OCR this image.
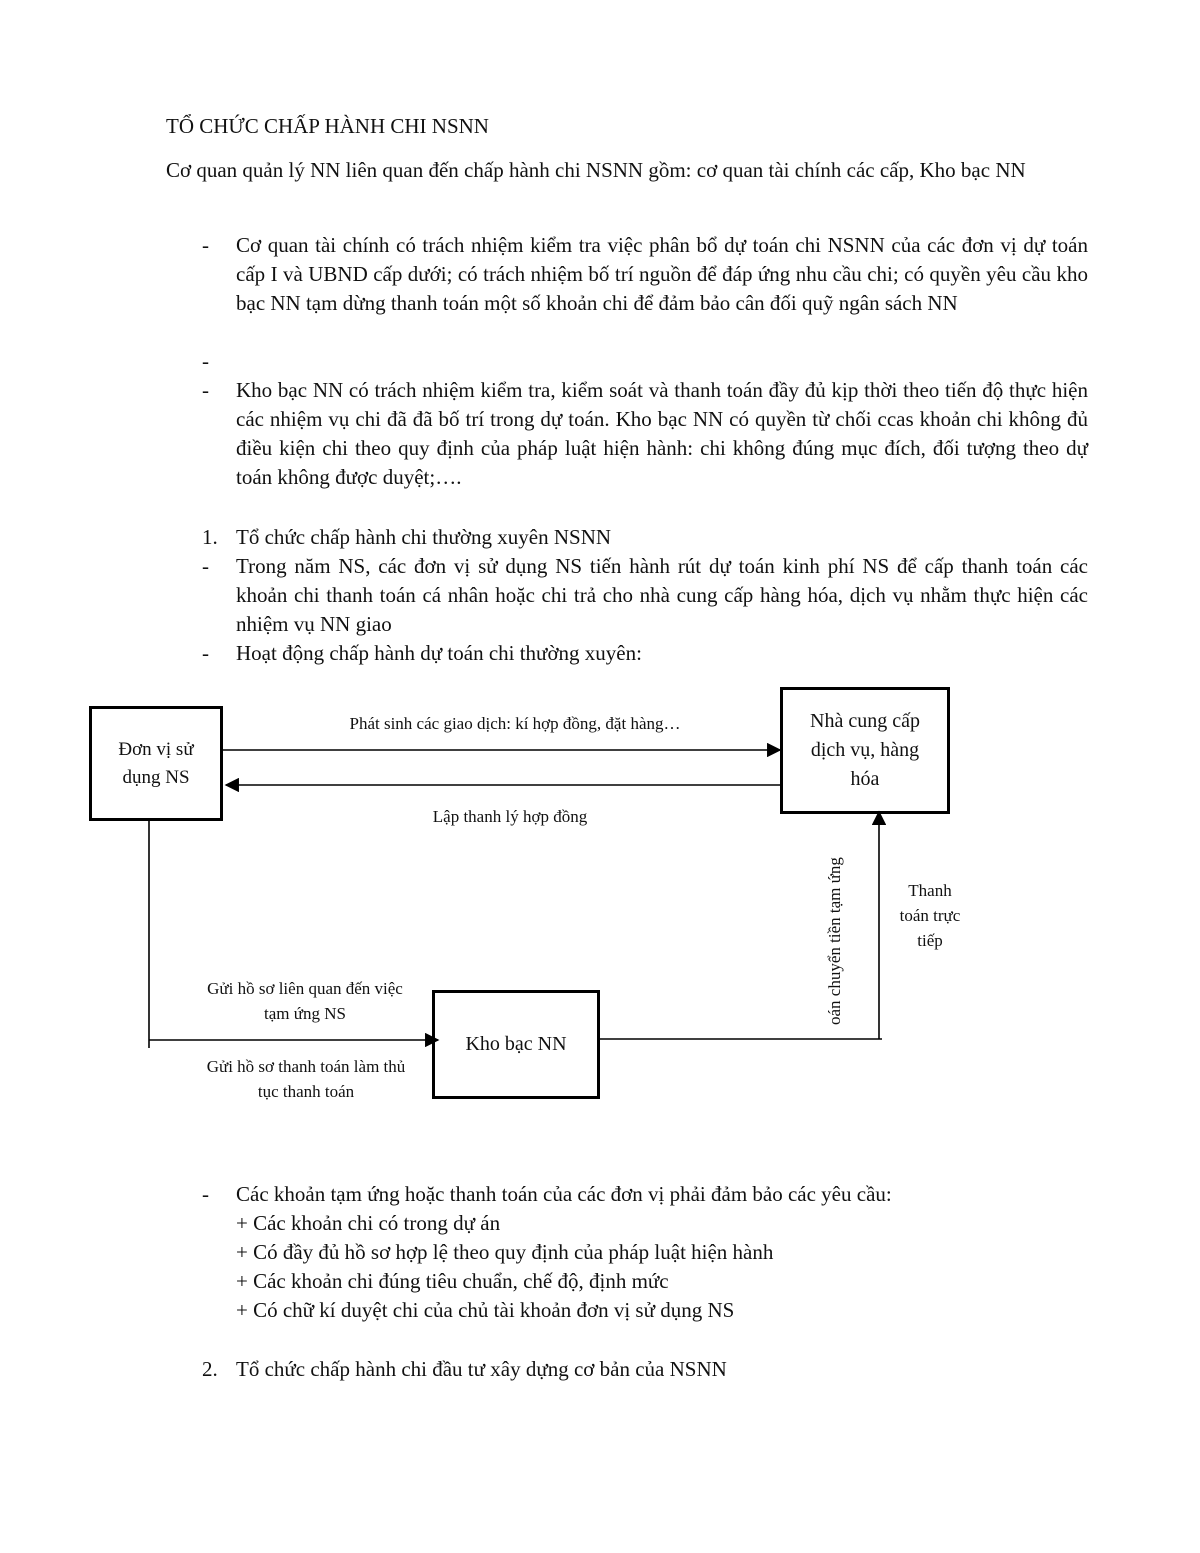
TỔ CHỨC CHẤP HÀNH CHI NSNN
Cơ quan quản lý NN liên quan đến chấp hành chi NSNN gồm: cơ quan tài chính các cấp, Kho bạc NN
- Cơ quan tài chính có trách nhiệm kiểm tra việc phân bổ dự toán chi NSNN của các đơn vị dự toán cấp I và UBND cấp dưới; có trách nhiệm bố trí nguồn để đáp ứng nhu cầu chi; có quyền yêu cầu kho bạc NN tạm dừng thanh toán một số khoản chi để đảm bảo cân đối quỹ ngân sách NN
-
- Kho bạc NN có trách nhiệm kiểm tra, kiểm soát và thanh toán đầy đủ kịp thời theo tiến độ thực hiện các nhiệm vụ chi đã đã bố trí trong dự toán. Kho bạc NN có quyền từ chối ccas khoản chi không đủ điều kiện chi theo quy định của pháp luật hiện hành: chi không đúng mục đích, đối tượng theo dự toán không được duyệt;….
1. Tổ chức chấp hành chi thường xuyên NSNN
- Trong năm NS, các đơn vị sử dụng NS tiến hành rút dự toán kinh phí NS để cấp thanh toán các khoản chi thanh toán cá nhân hoặc chi trả cho nhà cung cấp hàng hóa, dịch vụ nhằm thực hiện các nhiệm vụ NN giao
- Hoạt động chấp hành dự toán chi thường xuyên:
Đơn vị sử dụng NS
Nhà cung cấp dịch vụ, hàng hóa
Kho bạc NN
Phát sinh các giao dịch: kí hợp đồng, đặt hàng…
Lập thanh lý hợp đồng
Gửi hồ sơ liên quan đến việc tạm ứng NS
Gửi hồ sơ thanh toán làm thủ tục thanh toán
oán chuyển tiền tạm ứng	Thanh toán trực tiếp
- Các khoản tạm ứng hoặc thanh toán của các đơn vị phải đảm bảo các yêu cầu:
+ Các khoản chi có trong dự án
+ Có đầy đủ hồ sơ hợp lệ theo quy định của pháp luật hiện hành
+ Các khoản chi đúng tiêu chuẩn, chế độ, định mức
+ Có chữ kí duyệt chi của chủ tài khoản đơn vị sử dụng NS
2. Tổ chức chấp hành chi đầu tư xây dựng cơ bản của NSNN
